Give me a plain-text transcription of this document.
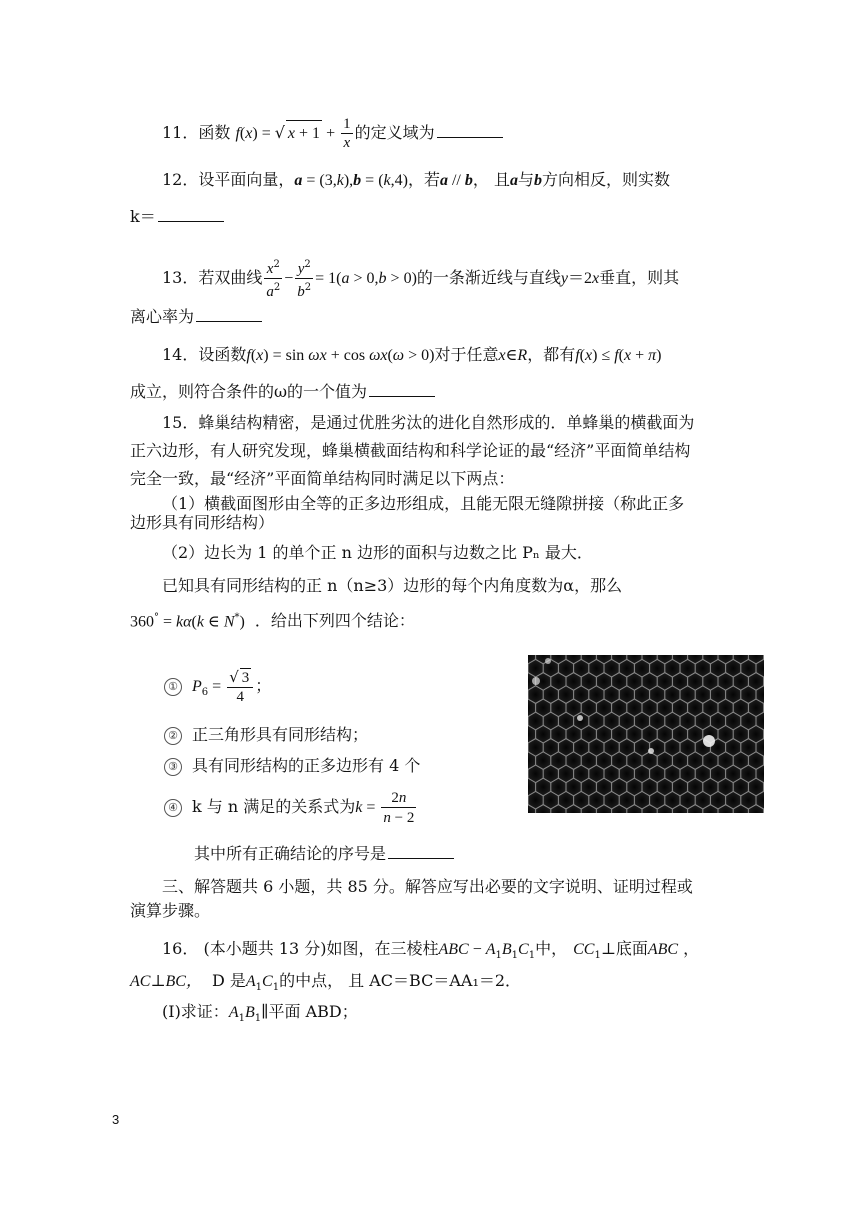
11．函数 f(x) = √ $x + 1 + \frac{1}{x}$ 的定义域为
12．设平面向量，a = (3,k),b = (k,4)，若a // b， 且a与b方向相反，则实数
k＝
13．若双曲线 $\frac{x^2}{a^2} - \frac{y^2}{b^2} = 1(a > 0,b > 0)$的一条渐近线与直线y＝2x垂直，则其
离心率为
14．设函数f(x) = sin ωx + cos ωx(ω > 0)对于任意x∈R，都有f(x) ≤ f(x + π)
成立，则符合条件的ω的一个值为
15．蜂巢结构精密，是通过优胜劣汰的进化自然形成的．单蜂巢的横截面为
正六边形，有人研究发现，蜂巢横截面结构和科学论证的最“经济”平面简单结构
完全一致，最“经济”平面简单结构同时满足以下两点：
（1）横截面图形由全等的正多边形组成，且能无限无缝隙拼接（称此正多
边形具有同形结构）
（2）边长为 1 的单个正 n 边形的面积与边数之比 Pₙ 最大．
已知具有同形结构的正 n（n≥3）边形的每个内角度数为α，那么
360° = kα(k ∈ N*) ．给出下列四个结论：
① $P_6 = \frac{√ 3}{4}$ ；
② 正三角形具有同形结构；
③ 具有同形结构的正多边形有 4 个
④ k 与 n 满足的关系式为$k = \frac{2n}{n - 2}$
其中所有正确结论的序号是
三、解答题共 6 小题，共 85 分。解答应写出必要的文字说明、证明过程或
演算步骤。
16． (本小题共 13 分)如图，在三棱柱ABC − $A_1B_1C_1$中， $CC_1\perp$底面ABC ，
AC⊥BC， D 是$A_1C_1$的中点， 且 AC＝BC＝AA₁＝2．
(I)求证：$A_1B_1\parallel$平面 ABD；
3
